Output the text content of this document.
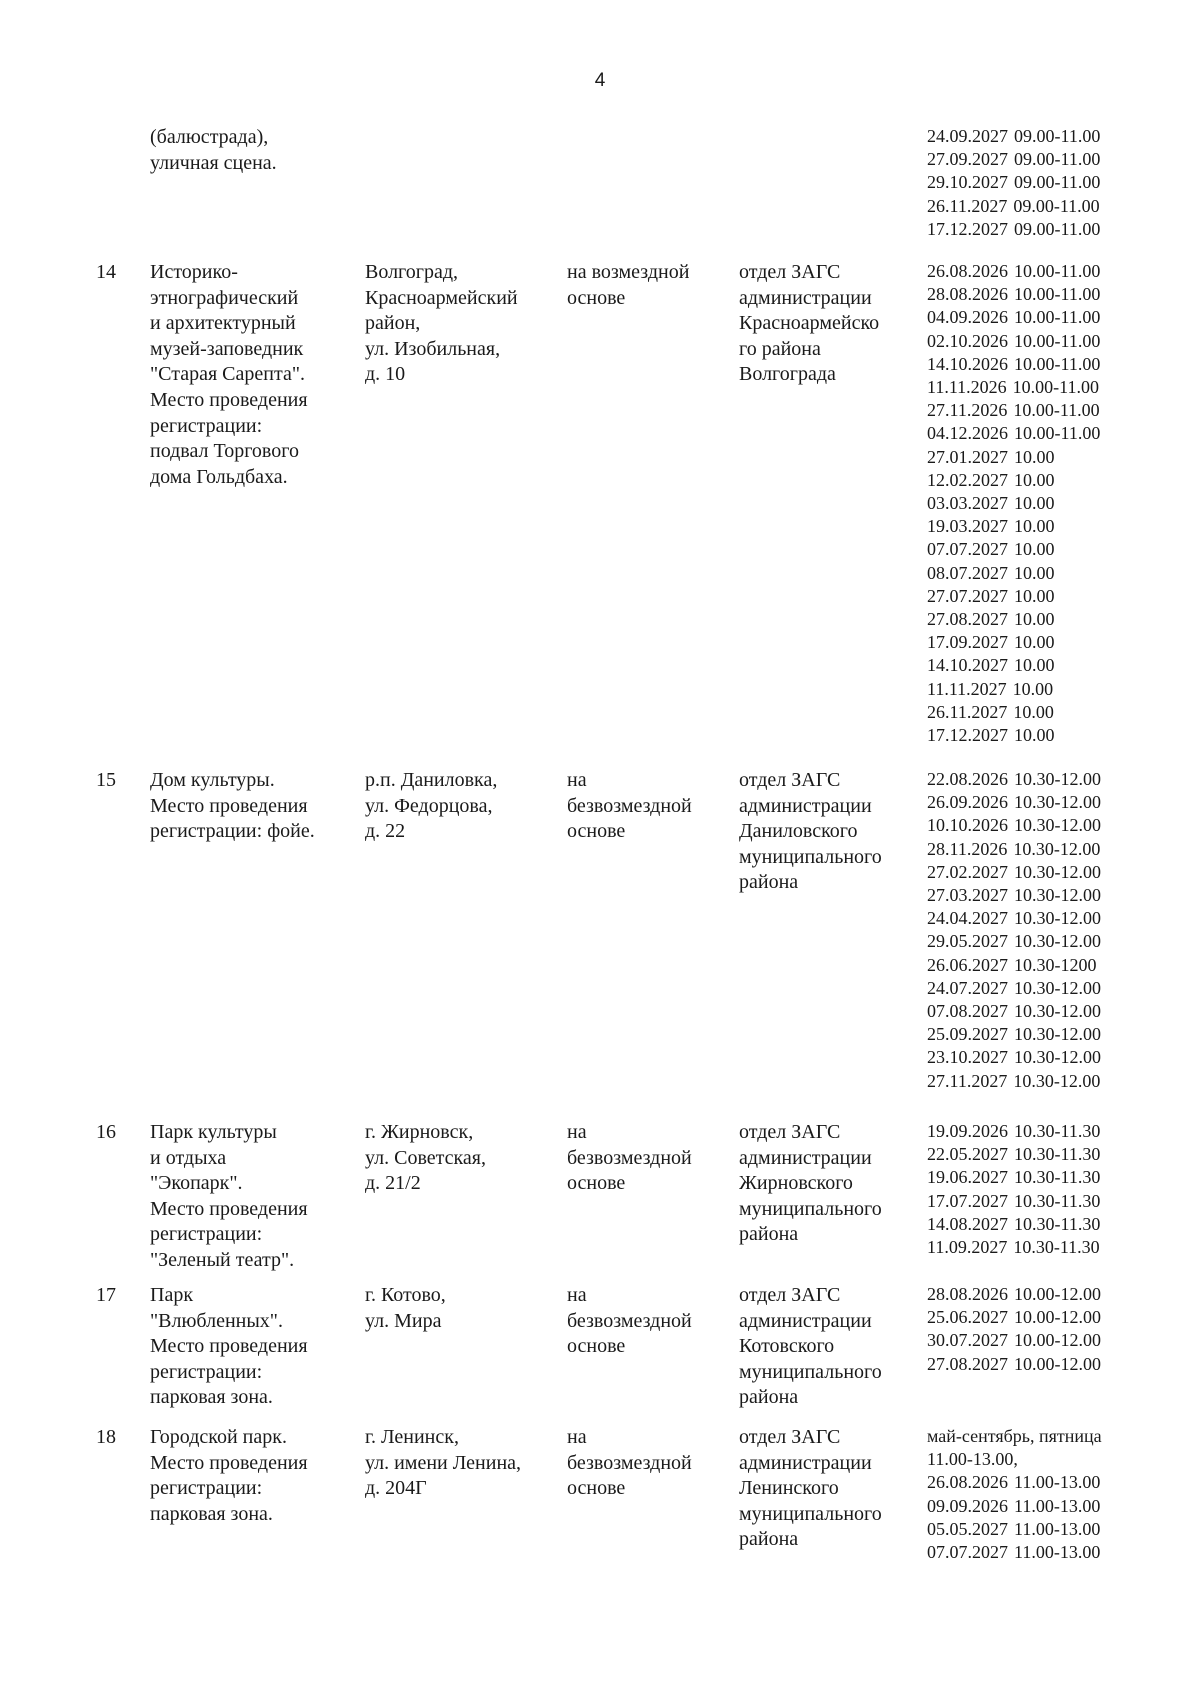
4
(балюстрада),
уличная сцена.
24.09.2027 09.00-11.00
27.09.2027 09.00-11.00
29.10.2027 09.00-11.00
26.11.2027 09.00-11.00
17.12.2027 09.00-11.00
14 Историко-
этнографический
и архитектурный
музей-заповедник
"Старая Сарепта".
Место проведения
регистрации:
подвал Торгового
дома Гольдбаха.
Волгоград,
Красноармейский
район,
ул. Изобильная,
д. 10
на возмездной
основе
отдел ЗАГС
администрации
Красноармейско
го района
Волгограда
26.08.2026 10.00-11.00
28.08.2026 10.00-11.00
04.09.2026 10.00-11.00
02.10.2026 10.00-11.00
14.10.2026 10.00-11.00
11.11.2026 10.00-11.00
27.11.2026 10.00-11.00
04.12.2026 10.00-11.00
27.01.2027 10.00
12.02.2027 10.00
03.03.2027 10.00
19.03.2027 10.00
07.07.2027 10.00
08.07.2027 10.00
27.07.2027 10.00
27.08.2027 10.00
17.09.2027 10.00
14.10.2027 10.00
11.11.2027 10.00
26.11.2027 10.00
17.12.2027 10.00
15 Дом культуры.
Место проведения
регистрации: фойе.
р.п. Даниловка,
ул. Федорцова,
д. 22
на
безвозмездной
основе
отдел ЗАГС
администрации
Даниловского
муниципального
района
22.08.2026 10.30-12.00
26.09.2026 10.30-12.00
10.10.2026 10.30-12.00
28.11.2026 10.30-12.00
27.02.2027 10.30-12.00
27.03.2027 10.30-12.00
24.04.2027 10.30-12.00
29.05.2027 10.30-12.00
26.06.2027 10.30-1200
24.07.2027 10.30-12.00
07.08.2027 10.30-12.00
25.09.2027 10.30-12.00
23.10.2027 10.30-12.00
27.11.2027 10.30-12.00
16 Парк культуры
и отдыха
"Экопарк".
Место проведения
регистрации:
"Зеленый театр".
г. Жирновск,
ул. Советская,
д. 21/2
на
безвозмездной
основе
отдел ЗАГС
администрации
Жирновского
муниципального
района
19.09.2026 10.30-11.30
22.05.2027 10.30-11.30
19.06.2027 10.30-11.30
17.07.2027 10.30-11.30
14.08.2027 10.30-11.30
11.09.2027 10.30-11.30
17 Парк
"Влюбленных".
Место проведения
регистрации:
парковая зона.
г. Котово,
ул. Мира
на
безвозмездной
основе
отдел ЗАГС
администрации
Котовского
муниципального
района
28.08.2026 10.00-12.00
25.06.2027 10.00-12.00
30.07.2027 10.00-12.00
27.08.2027 10.00-12.00
18 Городской парк.
Место проведения
регистрации:
парковая зона.
г. Ленинск,
ул. имени Ленина,
д. 204Г
на
безвозмездной
основе
отдел ЗАГС
администрации
Ленинского
муниципального
района
май-сентябрь, пятница
11.00-13.00,
26.08.2026 11.00-13.00
09.09.2026 11.00-13.00
05.05.2027 11.00-13.00
07.07.2027 11.00-13.00
